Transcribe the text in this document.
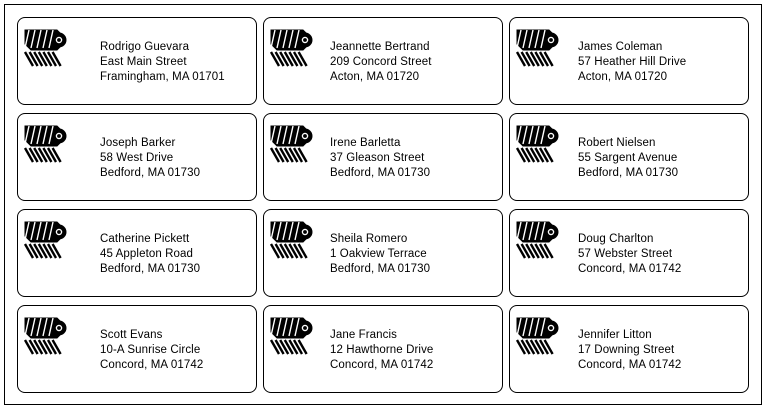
Rodrigo Guevara
East Main Street
Framingham, MA 01701
Jeannette Bertrand
209 Concord Street
Acton, MA 01720
James Coleman
57 Heather Hill Drive
Acton, MA 01720
Joseph Barker
58 West Drive
Bedford, MA 01730
Irene Barletta
37 Gleason Street
Bedford, MA 01730
Robert Nielsen
55 Sargent Avenue
Bedford, MA 01730
Catherine Pickett
45 Appleton Road
Bedford, MA 01730
Sheila Romero
1 Oakview Terrace
Bedford, MA 01730
Doug Charlton
57 Webster Street
Concord, MA 01742
Scott Evans
10-A Sunrise Circle
Concord, MA 01742
Jane Francis
12 Hawthorne Drive
Concord, MA 01742
Jennifer Litton
17 Downing Street
Concord, MA 01742
